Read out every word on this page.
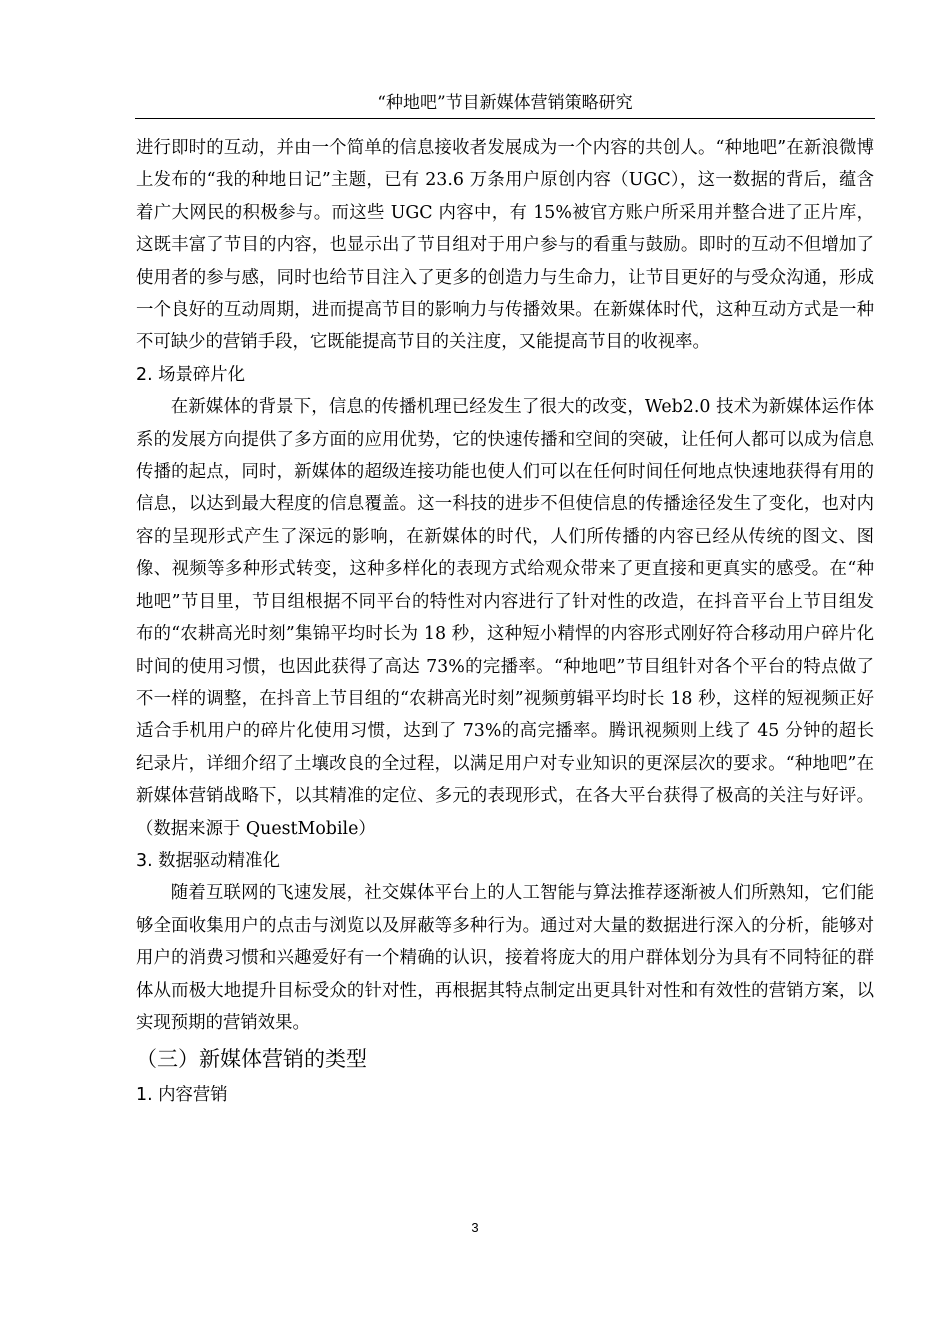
“种地吧”节目新媒体营销策略研究

进行即时的互动，并由一个简单的信息接收者发展成为一个内容的共创人。“种地吧”在新浪微博上发布的“我的种地日记”主题，已有 23.6 万条用户原创内容（UGC），这一数据的背后，蕴含着广大网民的积极参与。而这些 UGC 内容中，有 15%被官方账户所采用并整合进了正片库，这既丰富了节目的内容，也显示出了节目组对于用户参与的看重与鼓励。即时的互动不但增加了使用者的参与感，同时也给节目注入了更多的创造力与生命力，让节目更好的与受众沟通，形成一个良好的互动周期，进而提高节目的影响力与传播效果。在新媒体时代，这种互动方式是一种不可缺少的营销手段，它既能提高节目的关注度，又能提高节目的收视率。

2. 场景碎片化

在新媒体的背景下，信息的传播机理已经发生了很大的改变，Web2.0 技术为新媒体运作体系的发展方向提供了多方面的应用优势，它的快速传播和空间的突破，让任何人都可以成为信息传播的起点，同时，新媒体的超级连接功能也使人们可以在任何时间任何地点快速地获得有用的信息，以达到最大程度的信息覆盖。这一科技的进步不但使信息的传播途径发生了变化，也对内容的呈现形式产生了深远的影响，在新媒体的时代，人们所传播的内容已经从传统的图文、图像、视频等多种形式转变，这种多样化的表现方式给观众带来了更直接和更真实的感受。在“种地吧”节目里，节目组根据不同平台的特性对内容进行了针对性的改造，在抖音平台上节目组发布的“农耕高光时刻”集锦平均时长为 18 秒，这种短小精悍的内容形式刚好符合移动用户碎片化时间的使用习惯，也因此获得了高达 73%的完播率。“种地吧”节目组针对各个平台的特点做了不一样的调整，在抖音上节目组的“农耕高光时刻”视频剪辑平均时长 18 秒，这样的短视频正好适合手机用户的碎片化使用习惯，达到了 73%的高完播率。腾讯视频则上线了 45 分钟的超长纪录片，详细介绍了土壤改良的全过程，以满足用户对专业知识的更深层次的要求。“种地吧”在新媒体营销战略下，以其精准的定位、多元的表现形式，在各大平台获得了极高的关注与好评。（数据来源于 QuestMobile）

3. 数据驱动精准化

随着互联网的飞速发展，社交媒体平台上的人工智能与算法推荐逐渐被人们所熟知，它们能够全面收集用户的点击与浏览以及屏蔽等多种行为。通过对大量的数据进行深入的分析，能够对用户的消费习惯和兴趣爱好有一个精确的认识，接着将庞大的用户群体划分为具有不同特征的群体从而极大地提升目标受众的针对性，再根据其特点制定出更具针对性和有效性的营销方案，以实现预期的营销效果。

（三）新媒体营销的类型
1. 内容营销
3
